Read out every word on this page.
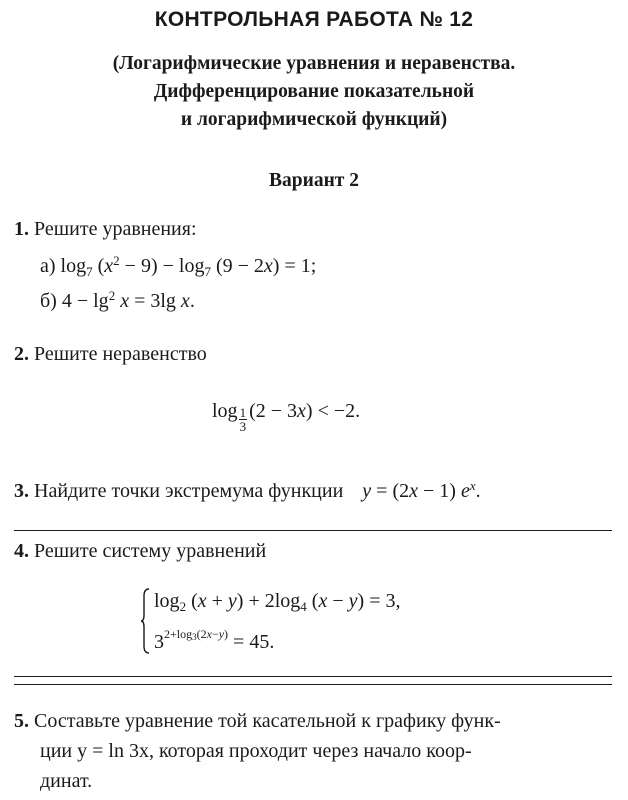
КОНТРОЛЬНАЯ РАБОТА № 12
(Логарифмические уравнения и неравенства.
Дифференцирование показательной
и логарифмической функций)
Вариант 2
1. Решите уравнения:
а) $\log_7 (x^2 - 9) - \log_7 (9 - 2x) = 1$;
б) $4 - \lg^2 x = 3\lg$ x.
2. Решите неравенство
$\log \frac{1}{3} (2 - 3x) < -2$.
3. Найдите точки экстремума функции y = (2x − 1) $e^x$.
4. Решите систему уравнений
$\log_2 (x + y) + 2\log_4$ (x − y) = 3,
$3^{2+log_3(2x-y)} = 45$.
5. Составьте уравнение той касательной к графику функ-
ции y = ln 3x, которая проходит через начало коор-
динат.
